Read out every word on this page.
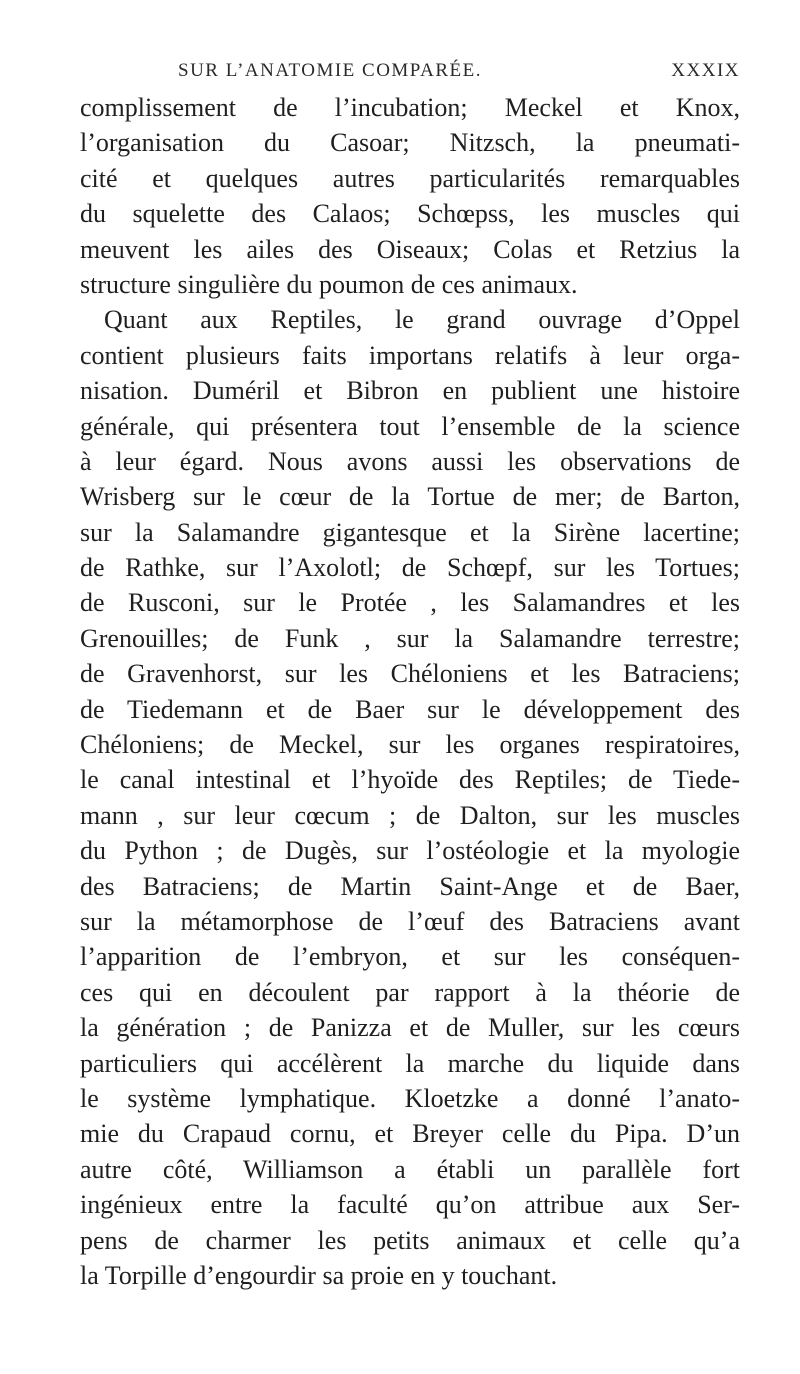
SUR L’ANATOMIE COMPARÉE.	XXXIX
complissement de l’incubation; Meckel et Knox,
l’organisation du Casoar; Nitzsch, la pneumati-
cité et quelques autres particularités remarquables
du squelette des Calaos; Schœpss, les muscles qui
meuvent les ailes des Oiseaux; Colas et Retzius la
structure singulière du poumon de ces animaux.
Quant aux Reptiles, le grand ouvrage d’Oppel
contient plusieurs faits importans relatifs à leur orga-
nisation. Duméril et Bibron en publient une histoire
générale, qui présentera tout l’ensemble de la science
à leur égard. Nous avons aussi les observations de
Wrisberg sur le cœur de la Tortue de mer; de Barton,
sur la Salamandre gigantesque et la Sirène lacertine;
de Rathke, sur l’Axolotl; de Schœpf, sur les Tortues;
de Rusconi, sur le Protée , les Salamandres et les
Grenouilles; de Funk , sur la Salamandre terrestre;
de Gravenhorst, sur les Chéloniens et les Batraciens;
de Tiedemann et de Baer sur le développement des
Chéloniens; de Meckel, sur les organes respiratoires,
le canal intestinal et l’hyoïde des Reptiles; de Tiede-
mann , sur leur cœcum ; de Dalton, sur les muscles
du Python ; de Dugès, sur l’ostéologie et la myologie
des Batraciens; de Martin Saint-Ange et de Baer,
sur la métamorphose de l’œuf des Batraciens avant
l’apparition de l’embryon, et sur les conséquen-
ces qui en découlent par rapport à la théorie de
la génération ; de Panizza et de Muller, sur les cœurs
particuliers qui accélèrent la marche du liquide dans
le système lymphatique. Kloetzke a donné l’anato-
mie du Crapaud cornu, et Breyer celle du Pipa. D’un
autre côté, Williamson a établi un parallèle fort
ingénieux entre la faculté qu’on attribue aux Ser-
pens de charmer les petits animaux et celle qu’a
la Torpille d’engourdir sa proie en y touchant.
